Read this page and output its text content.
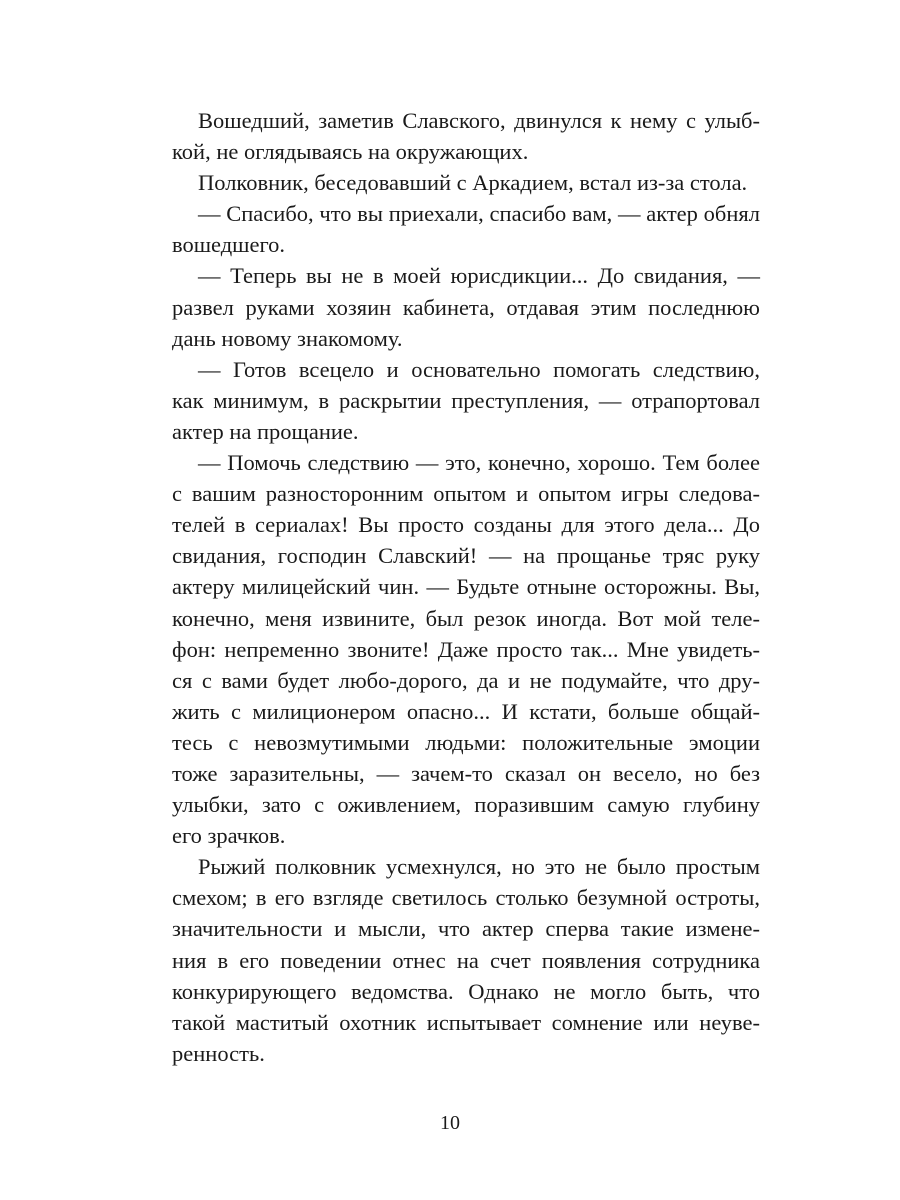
Вошедший, заметив Славского, двинулся к нему с улыб-
кой, не оглядываясь на окружающих.
Полковник, беседовавший с Аркадием, встал из-за стола.
— Спасибо, что вы приехали, спасибо вам, — актер обнял
вошедшего.
— Теперь вы не в моей юрисдикции... До свидания, —
развел руками хозяин кабинета, отдавая этим последнюю
дань новому знакомому.
— Готов всецело и основательно помогать следствию,
как минимум, в раскрытии преступления, — отрапортовал
актер на прощание.
— Помочь следствию — это, конечно, хорошо. Тем более
с вашим разносторонним опытом и опытом игры следова-
телей в сериалах! Вы просто созданы для этого дела... До
свидания, господин Славский! — на прощанье тряс руку
актеру милицейский чин. — Будьте отныне осторожны. Вы,
конечно, меня извините, был резок иногда. Вот мой теле-
фон: непременно звоните! Даже просто так... Мне увидеть-
ся с вами будет любо-дорого, да и не подумайте, что дру-
жить с милиционером опасно... И кстати, больше общай-
тесь с невозмутимыми людьми: положительные эмоции
тоже заразительны, — зачем-то сказал он весело, но без
улыбки, зато с оживлением, поразившим самую глубину
его зрачков.
Рыжий полковник усмехнулся, но это не было простым
смехом; в его взгляде светилось столько безумной остроты,
значительности и мысли, что актер сперва такие измене-
ния в его поведении отнес на счет появления сотрудника
конкурирующего ведомства. Однако не могло быть, что
такой маститый охотник испытывает сомнение или неуве-
ренность.
10
